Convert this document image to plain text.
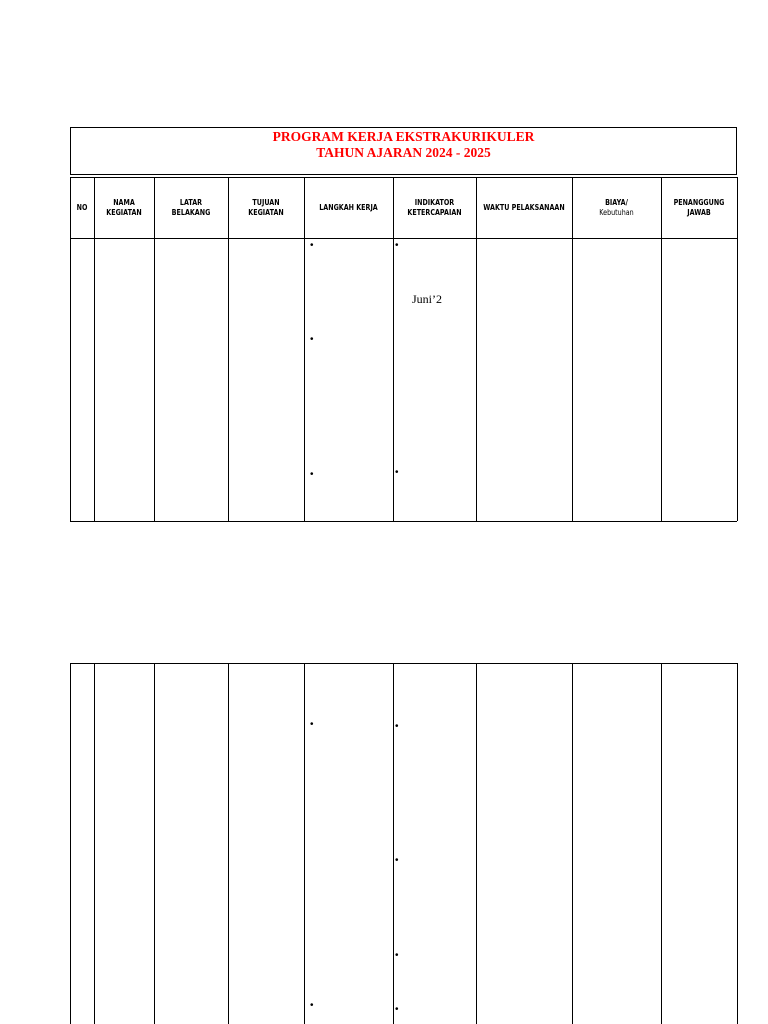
PROGRAM KERJA EKSTRAKURIKULER
TAHUN AJARAN 2024 - 2025
NO
NAMA
KEGIATAN
LATAR BELAKANG
TUJUAN KEGIATAN
LANGKAH KERJA
INDIKATOR
KETERCAPAIAN
WAKTU PELAKSANAAN
BIAYA/
Kebutuhan
PENANGGUNG
JAWAB
•
•
•
•
•
Juni’2
•
•
•
•
•
•
